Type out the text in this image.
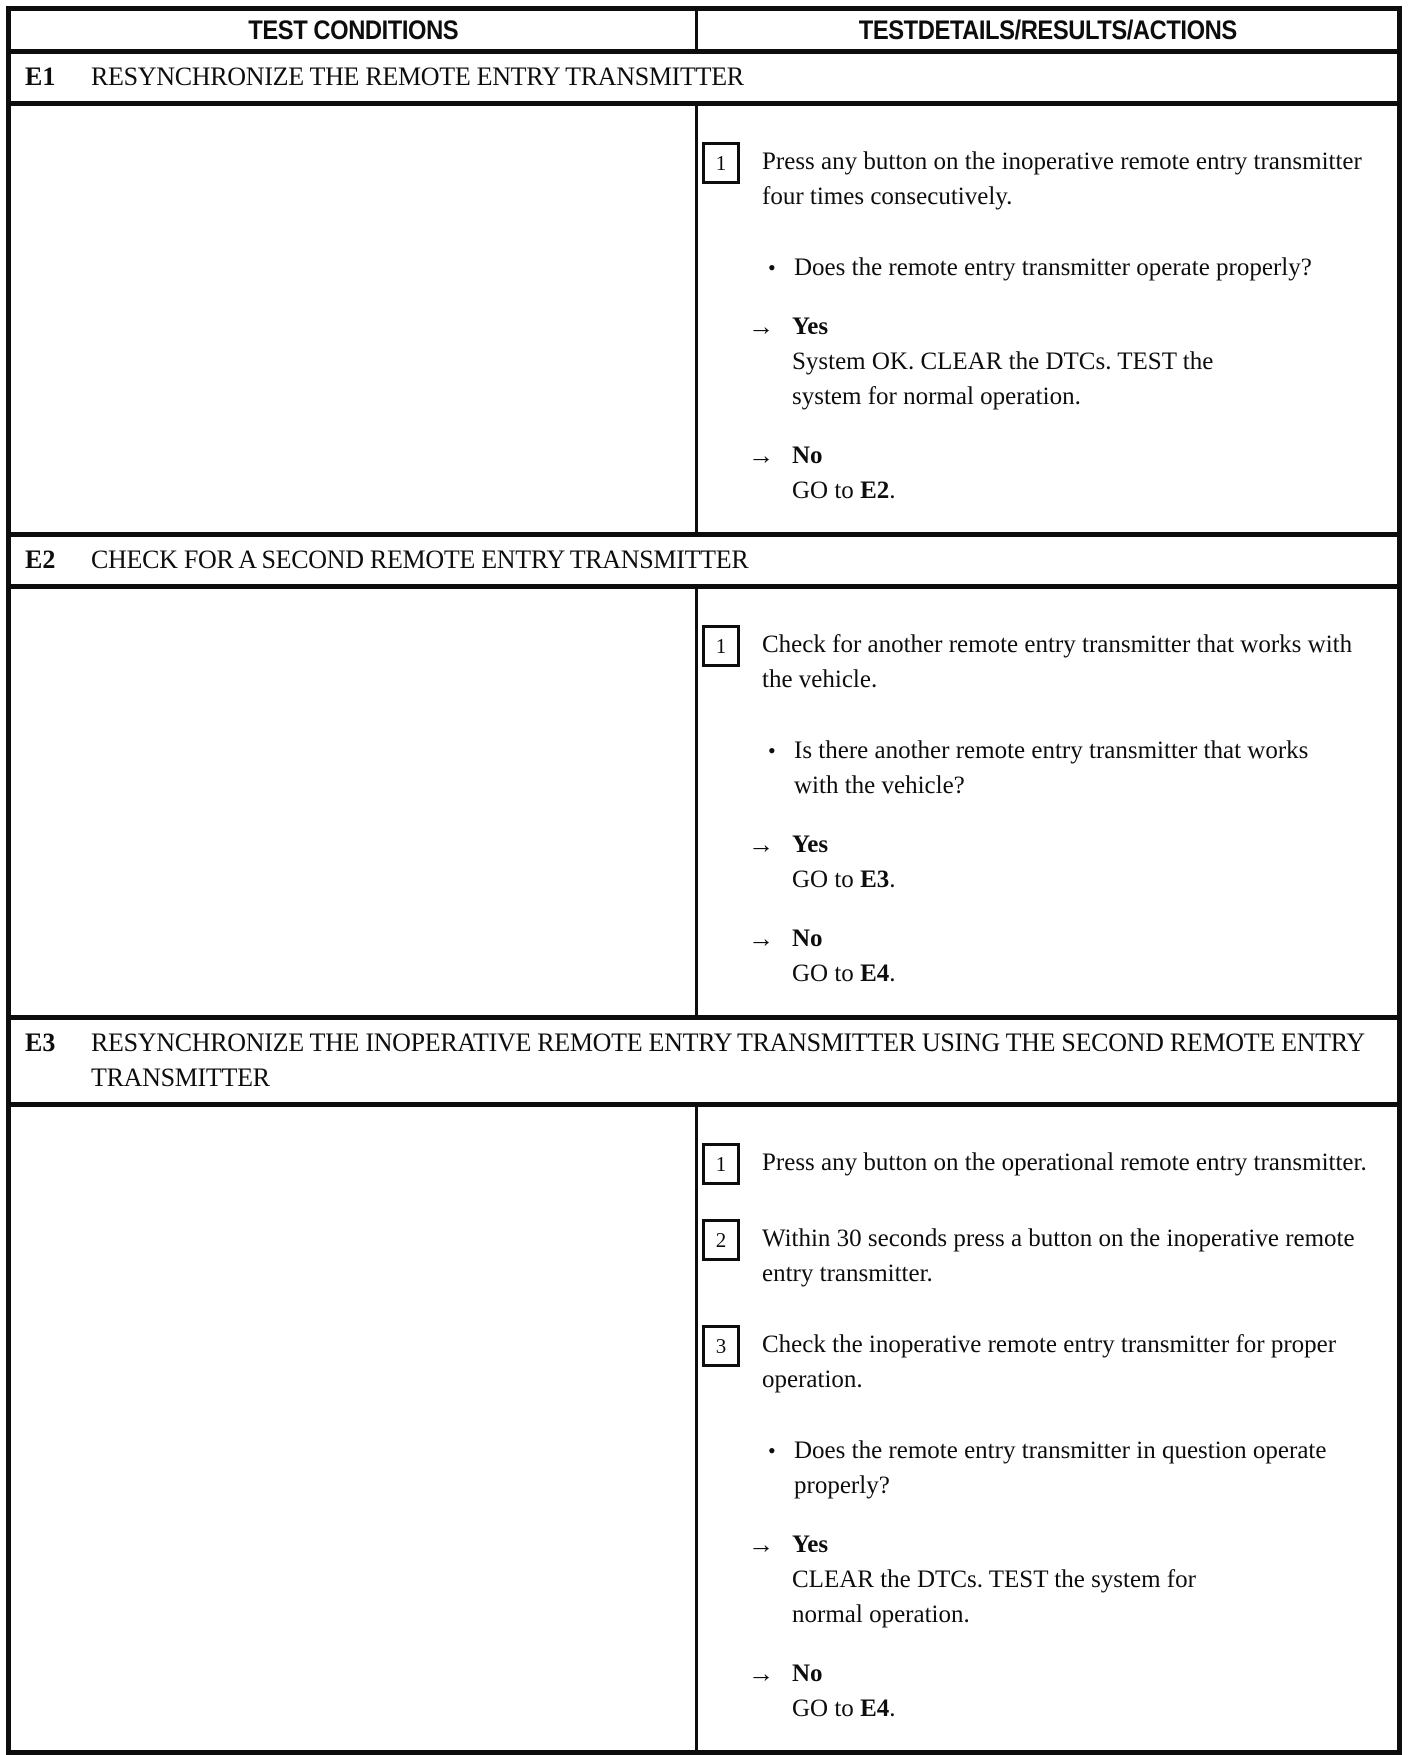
TEST CONDITIONS	TESTDETAILS/RESULTS/ACTIONS
E1	RESYNCHRONIZE THE REMOTE ENTRY TRANSMITTER
1 Press any button on the inoperative remote entry transmitter four times consecutively.
• Does the remote entry transmitter operate properly?
→ Yes
System OK. CLEAR the DTCs. TEST the system for normal operation.
→ No
GO to E2.
E2	CHECK FOR A SECOND REMOTE ENTRY TRANSMITTER
1 Check for another remote entry transmitter that works with the vehicle.
• Is there another remote entry transmitter that works with the vehicle?
→ Yes
GO to E3.
→ No
GO to E4.
E3	RESYNCHRONIZE THE INOPERATIVE REMOTE ENTRY TRANSMITTER USING THE SECOND REMOTE ENTRY TRANSMITTER
1 Press any button on the operational remote entry transmitter.
2 Within 30 seconds press a button on the inoperative remote entry transmitter.
3 Check the inoperative remote entry transmitter for proper operation.
• Does the remote entry transmitter in question operate properly?
→ Yes
CLEAR the DTCs. TEST the system for normal operation.
→ No
GO to E4.
